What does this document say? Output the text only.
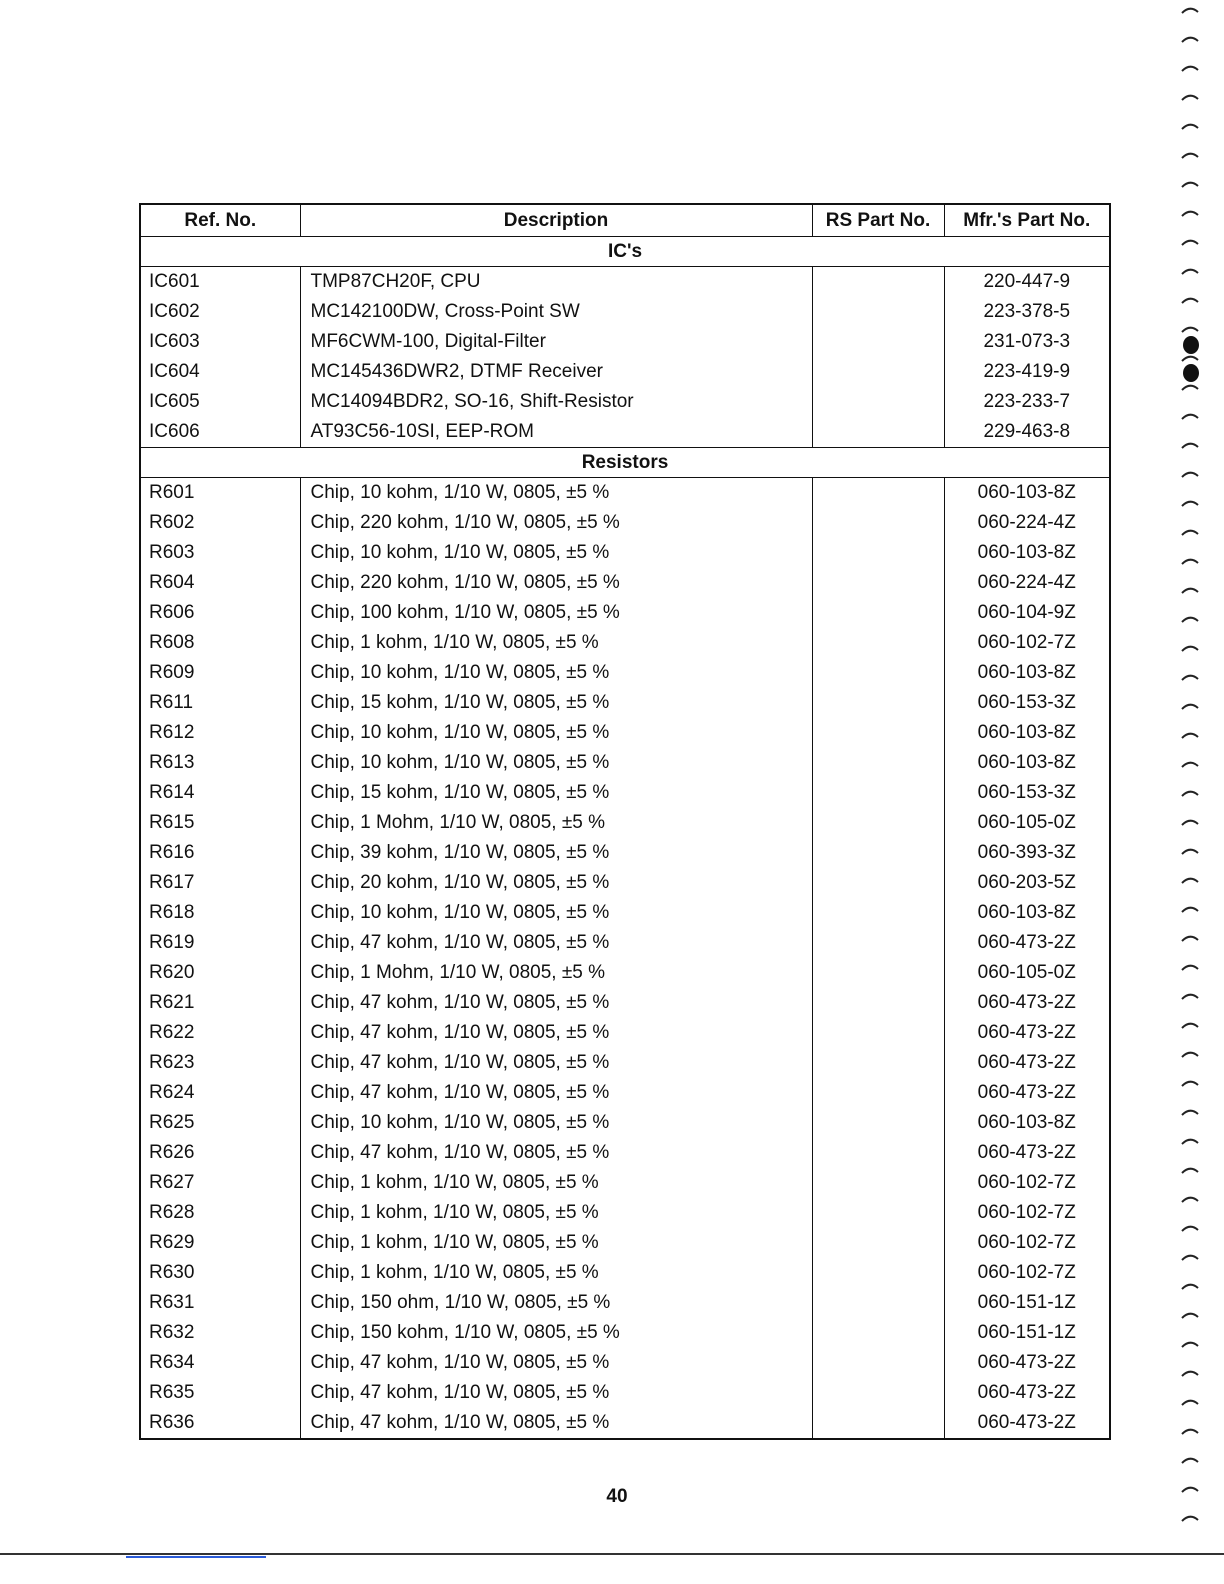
Ref. No.	Description	RS Part No.	Mfr.'s Part No.
IC's			
IC601	TMP87CH20F, CPU		220-447-9
IC602	MC142100DW, Cross-Point SW		223-378-5
IC603	MF6CWM-100, Digital-Filter		231-073-3
IC604	MC145436DWR2, DTMF Receiver		223-419-9
IC605	MC14094BDR2, SO-16, Shift-Resistor		223-233-7
IC606	AT93C56-10SI, EEP-ROM		229-463-8
Resistors			
R601	Chip, 10 kohm, 1/10 W, 0805, ±5 %		060-103-8Z
R602	Chip, 220 kohm, 1/10 W, 0805, ±5 %		060-224-4Z
R603	Chip, 10 kohm, 1/10 W, 0805, ±5 %		060-103-8Z
R604	Chip, 220 kohm, 1/10 W, 0805, ±5 %		060-224-4Z
R606	Chip, 100 kohm, 1/10 W, 0805, ±5 %		060-104-9Z
R608	Chip, 1 kohm, 1/10 W, 0805, ±5 %		060-102-7Z
R609	Chip, 10 kohm, 1/10 W, 0805, ±5 %		060-103-8Z
R611	Chip, 15 kohm, 1/10 W, 0805, ±5 %		060-153-3Z
R612	Chip, 10 kohm, 1/10 W, 0805, ±5 %		060-103-8Z
R613	Chip, 10 kohm, 1/10 W, 0805, ±5 %		060-103-8Z
R614	Chip, 15 kohm, 1/10 W, 0805, ±5 %		060-153-3Z
R615	Chip, 1 Mohm, 1/10 W, 0805, ±5 %		060-105-0Z
R616	Chip, 39 kohm, 1/10 W, 0805, ±5 %		060-393-3Z
R617	Chip, 20 kohm, 1/10 W, 0805, ±5 %		060-203-5Z
R618	Chip, 10 kohm, 1/10 W, 0805, ±5 %		060-103-8Z
R619	Chip, 47 kohm, 1/10 W, 0805, ±5 %		060-473-2Z
R620	Chip, 1 Mohm, 1/10 W, 0805, ±5 %		060-105-0Z
R621	Chip, 47 kohm, 1/10 W, 0805, ±5 %		060-473-2Z
R622	Chip, 47 kohm, 1/10 W, 0805, ±5 %		060-473-2Z
R623	Chip, 47 kohm, 1/10 W, 0805, ±5 %		060-473-2Z
R624	Chip, 47 kohm, 1/10 W, 0805, ±5 %		060-473-2Z
R625	Chip, 10 kohm, 1/10 W, 0805, ±5 %		060-103-8Z
R626	Chip, 47 kohm, 1/10 W, 0805, ±5 %		060-473-2Z
R627	Chip, 1 kohm, 1/10 W, 0805, ±5 %		060-102-7Z
R628	Chip, 1 kohm, 1/10 W, 0805, ±5 %		060-102-7Z
R629	Chip, 1 kohm, 1/10 W, 0805, ±5 %		060-102-7Z
R630	Chip, 1 kohm, 1/10 W, 0805, ±5 %		060-102-7Z
R631	Chip, 150 ohm, 1/10 W, 0805, ±5 %		060-151-1Z
R632	Chip, 150 kohm, 1/10 W, 0805, ±5 %		060-151-1Z
R634	Chip, 47 kohm, 1/10 W, 0805, ±5 %		060-473-2Z
R635	Chip, 47 kohm, 1/10 W, 0805, ±5 %		060-473-2Z
R636	Chip, 47 kohm, 1/10 W, 0805, ±5 %		060-473-2Z
40
